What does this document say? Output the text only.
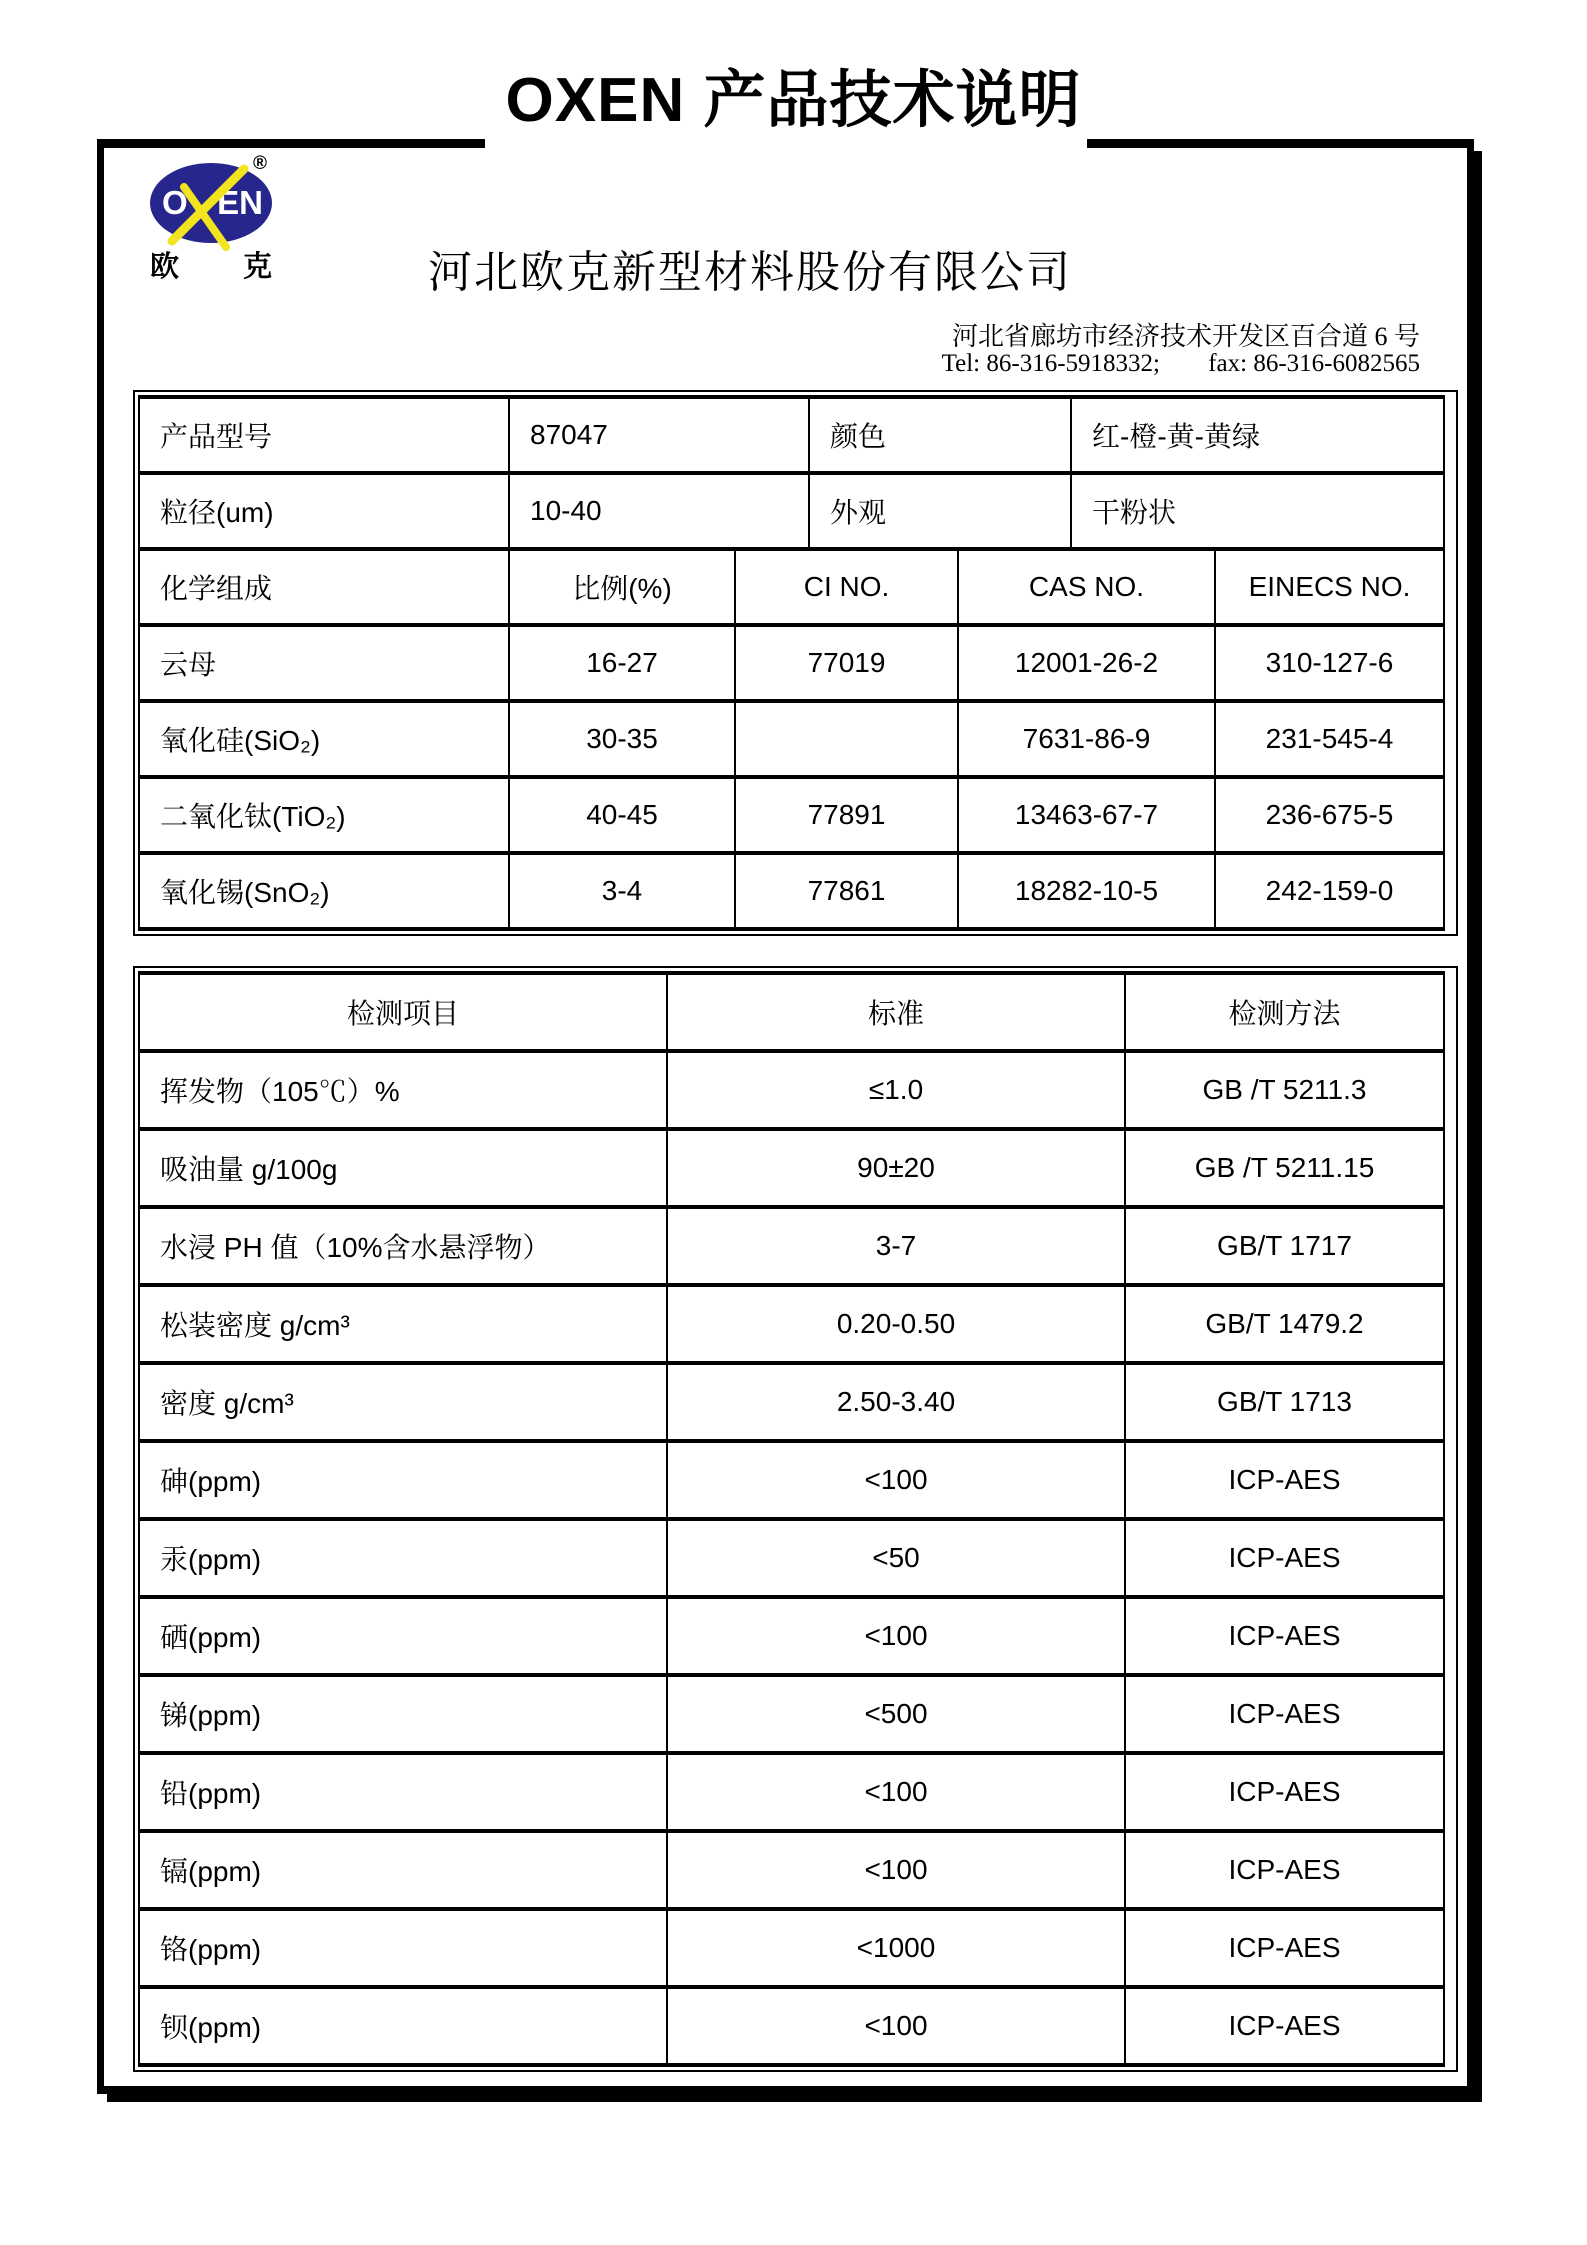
OXEN 产品技术说明
O EN
®
欧 克	河北欧克新型材料股份有限公司
河北省廊坊市经济技术开发区百合道 6 号
Tel: 86-316-5918332; fax: 86-316-6082565
产品型号	87047	颜色	红-橙-黄-黄绿
粒径(um)	10-40	外观	干粉状
化学组成	比例(%)	CI NO.	CAS NO.	EINECS NO.
云母	16-27	77019	12001-26-2	310-127-6
氧化硅(SiO₂)	30-35		7631-86-9	231-545-4
二氧化钛(TiO₂)	40-45	77891	13463-67-7	236-675-5
氧化锡(SnO₂)	3-4	77861	18282-10-5	242-159-0
检测项目	标准	检测方法
挥发物（105℃）%	≤1.0	GB /T 5211.3
吸油量 g/100g	90±20	GB /T 5211.15
水浸 PH 值（10%含水悬浮物）	3-7	GB/T 1717
松装密度 g/cm³	0.20-0.50	GB/T 1479.2
密度 g/cm³	2.50-3.40	GB/T 1713
砷(ppm)	<100	ICP-AES
汞(ppm)	<50	ICP-AES
硒(ppm)	<100	ICP-AES
锑(ppm)	<500	ICP-AES
铅(ppm)	<100	ICP-AES
镉(ppm)	<100	ICP-AES
铬(ppm)	<1000	ICP-AES
钡(ppm)	<100	ICP-AES
